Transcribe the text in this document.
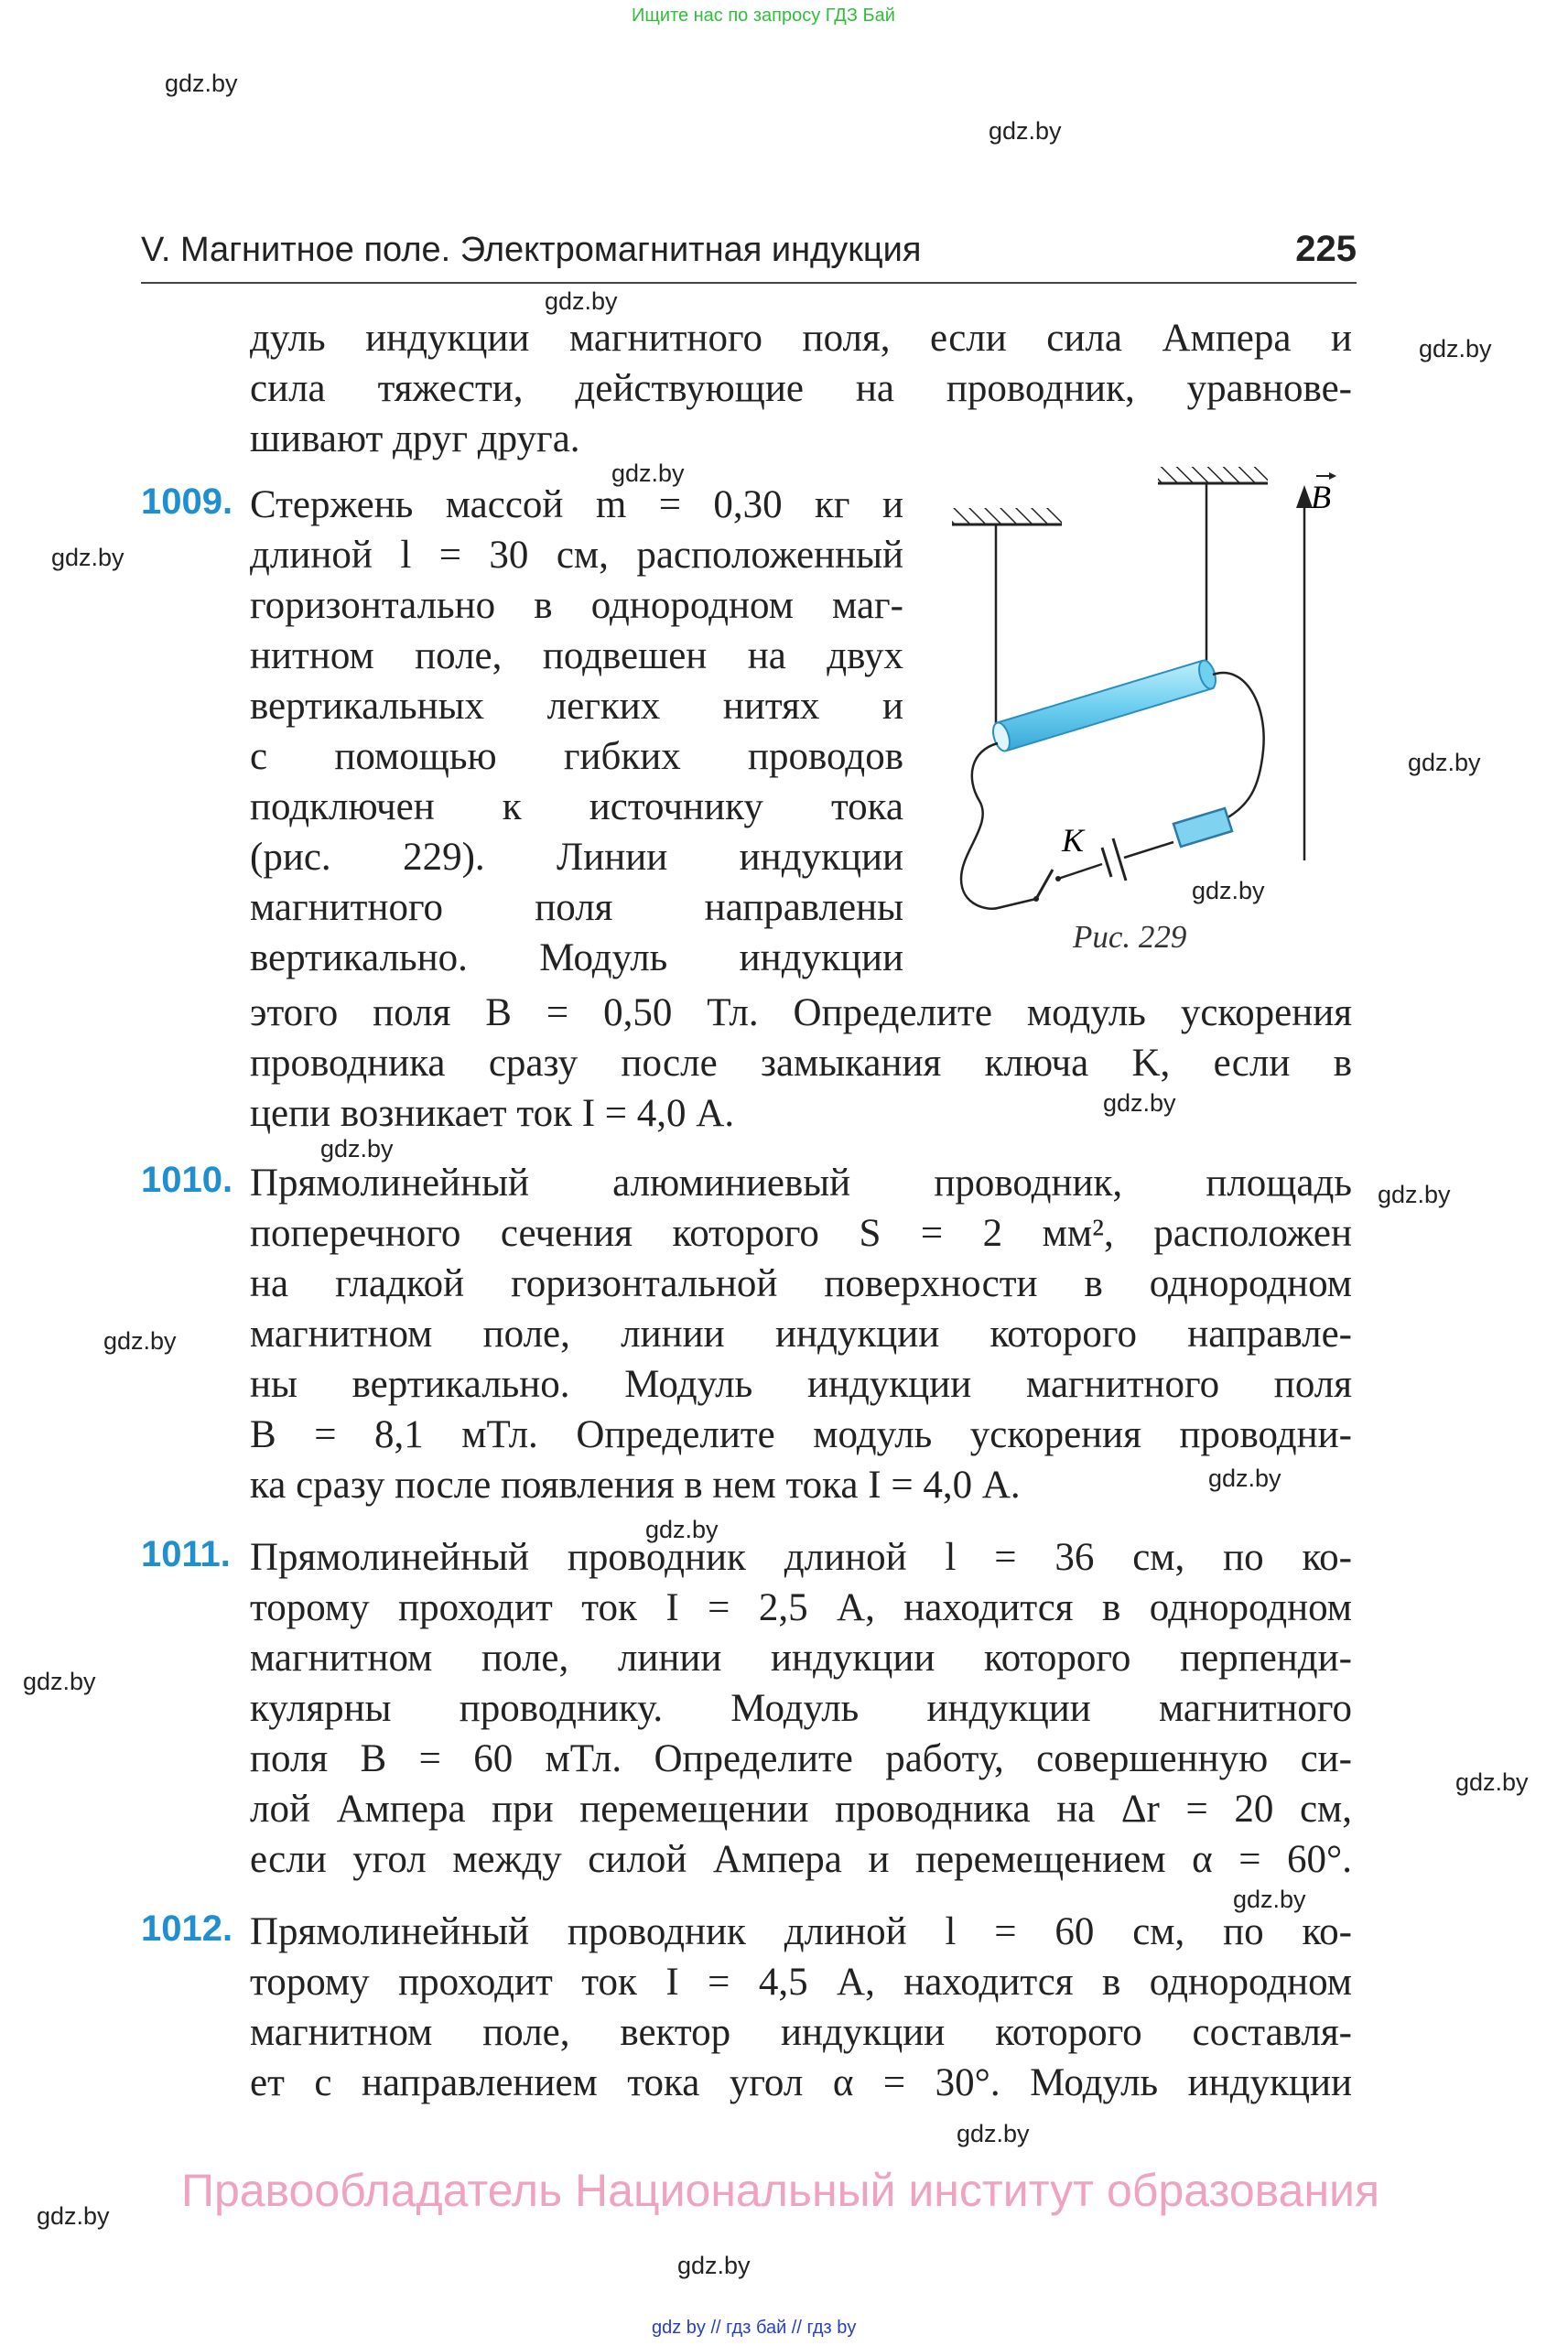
Ищите нас по запросу ГДЗ Бай
gdz.by
gdz.by
gdz.by
gdz.by
gdz.by
gdz.by
gdz.by
gdz.by
gdz.by
gdz.by
gdz.by
gdz.by
gdz.by
gdz.by
gdz.by
gdz.by
gdz.by
gdz.by
gdz.by
gdz.by
V. Магнитное поле. Электромагнитная индукция	225
дуль индукции магнитного поля, если сила Ампера и
сила тяжести, действующие на проводник, уравнове-
шивают друг друга.
1009. Стержень массой m = 0,30 кг и
длиной l = 30 см, расположенный
горизонтально в однородном маг-
нитном поле, подвешен на двух
вертикальных легких нитях и
с помощью гибких проводов
подключен к источнику тока
(рис. 229). Линии индукции
магнитного поля направлены
вертикально. Модуль индукции
этого поля B = 0,50 Тл. Определите модуль ускорения
проводника сразу после замыкания ключа K, если в
цепи возникает ток I = 4,0 А.
B
K
Рис. 229
1010. Прямолинейный алюминиевый проводник, площадь
поперечного сечения которого S = 2 мм², расположен
на гладкой горизонтальной поверхности в однородном
магнитном поле, линии индукции которого направле-
ны вертикально. Модуль индукции магнитного поля
B = 8,1 мТл. Определите модуль ускорения проводни-
ка сразу после появления в нем тока I = 4,0 А.
1011. Прямолинейный проводник длиной l = 36 см, по ко-
торому проходит ток I = 2,5 А, находится в однородном
магнитном поле, линии индукции которого перпенди-
кулярны проводнику. Модуль индукции магнитного
поля B = 60 мТл. Определите работу, совершенную си-
лой Ампера при перемещении проводника на Δr = 20 см,
если угол между силой Ампера и перемещением α = 60°.
1012. Прямолинейный проводник длиной l = 60 см, по ко-
торому проходит ток I = 4,5 А, находится в однородном
магнитном поле, вектор индукции которого составля-
ет с направлением тока угол α = 30°. Модуль индукции
Правообладатель Национальный институт образования
gdz by // гдз бай // гдз by
